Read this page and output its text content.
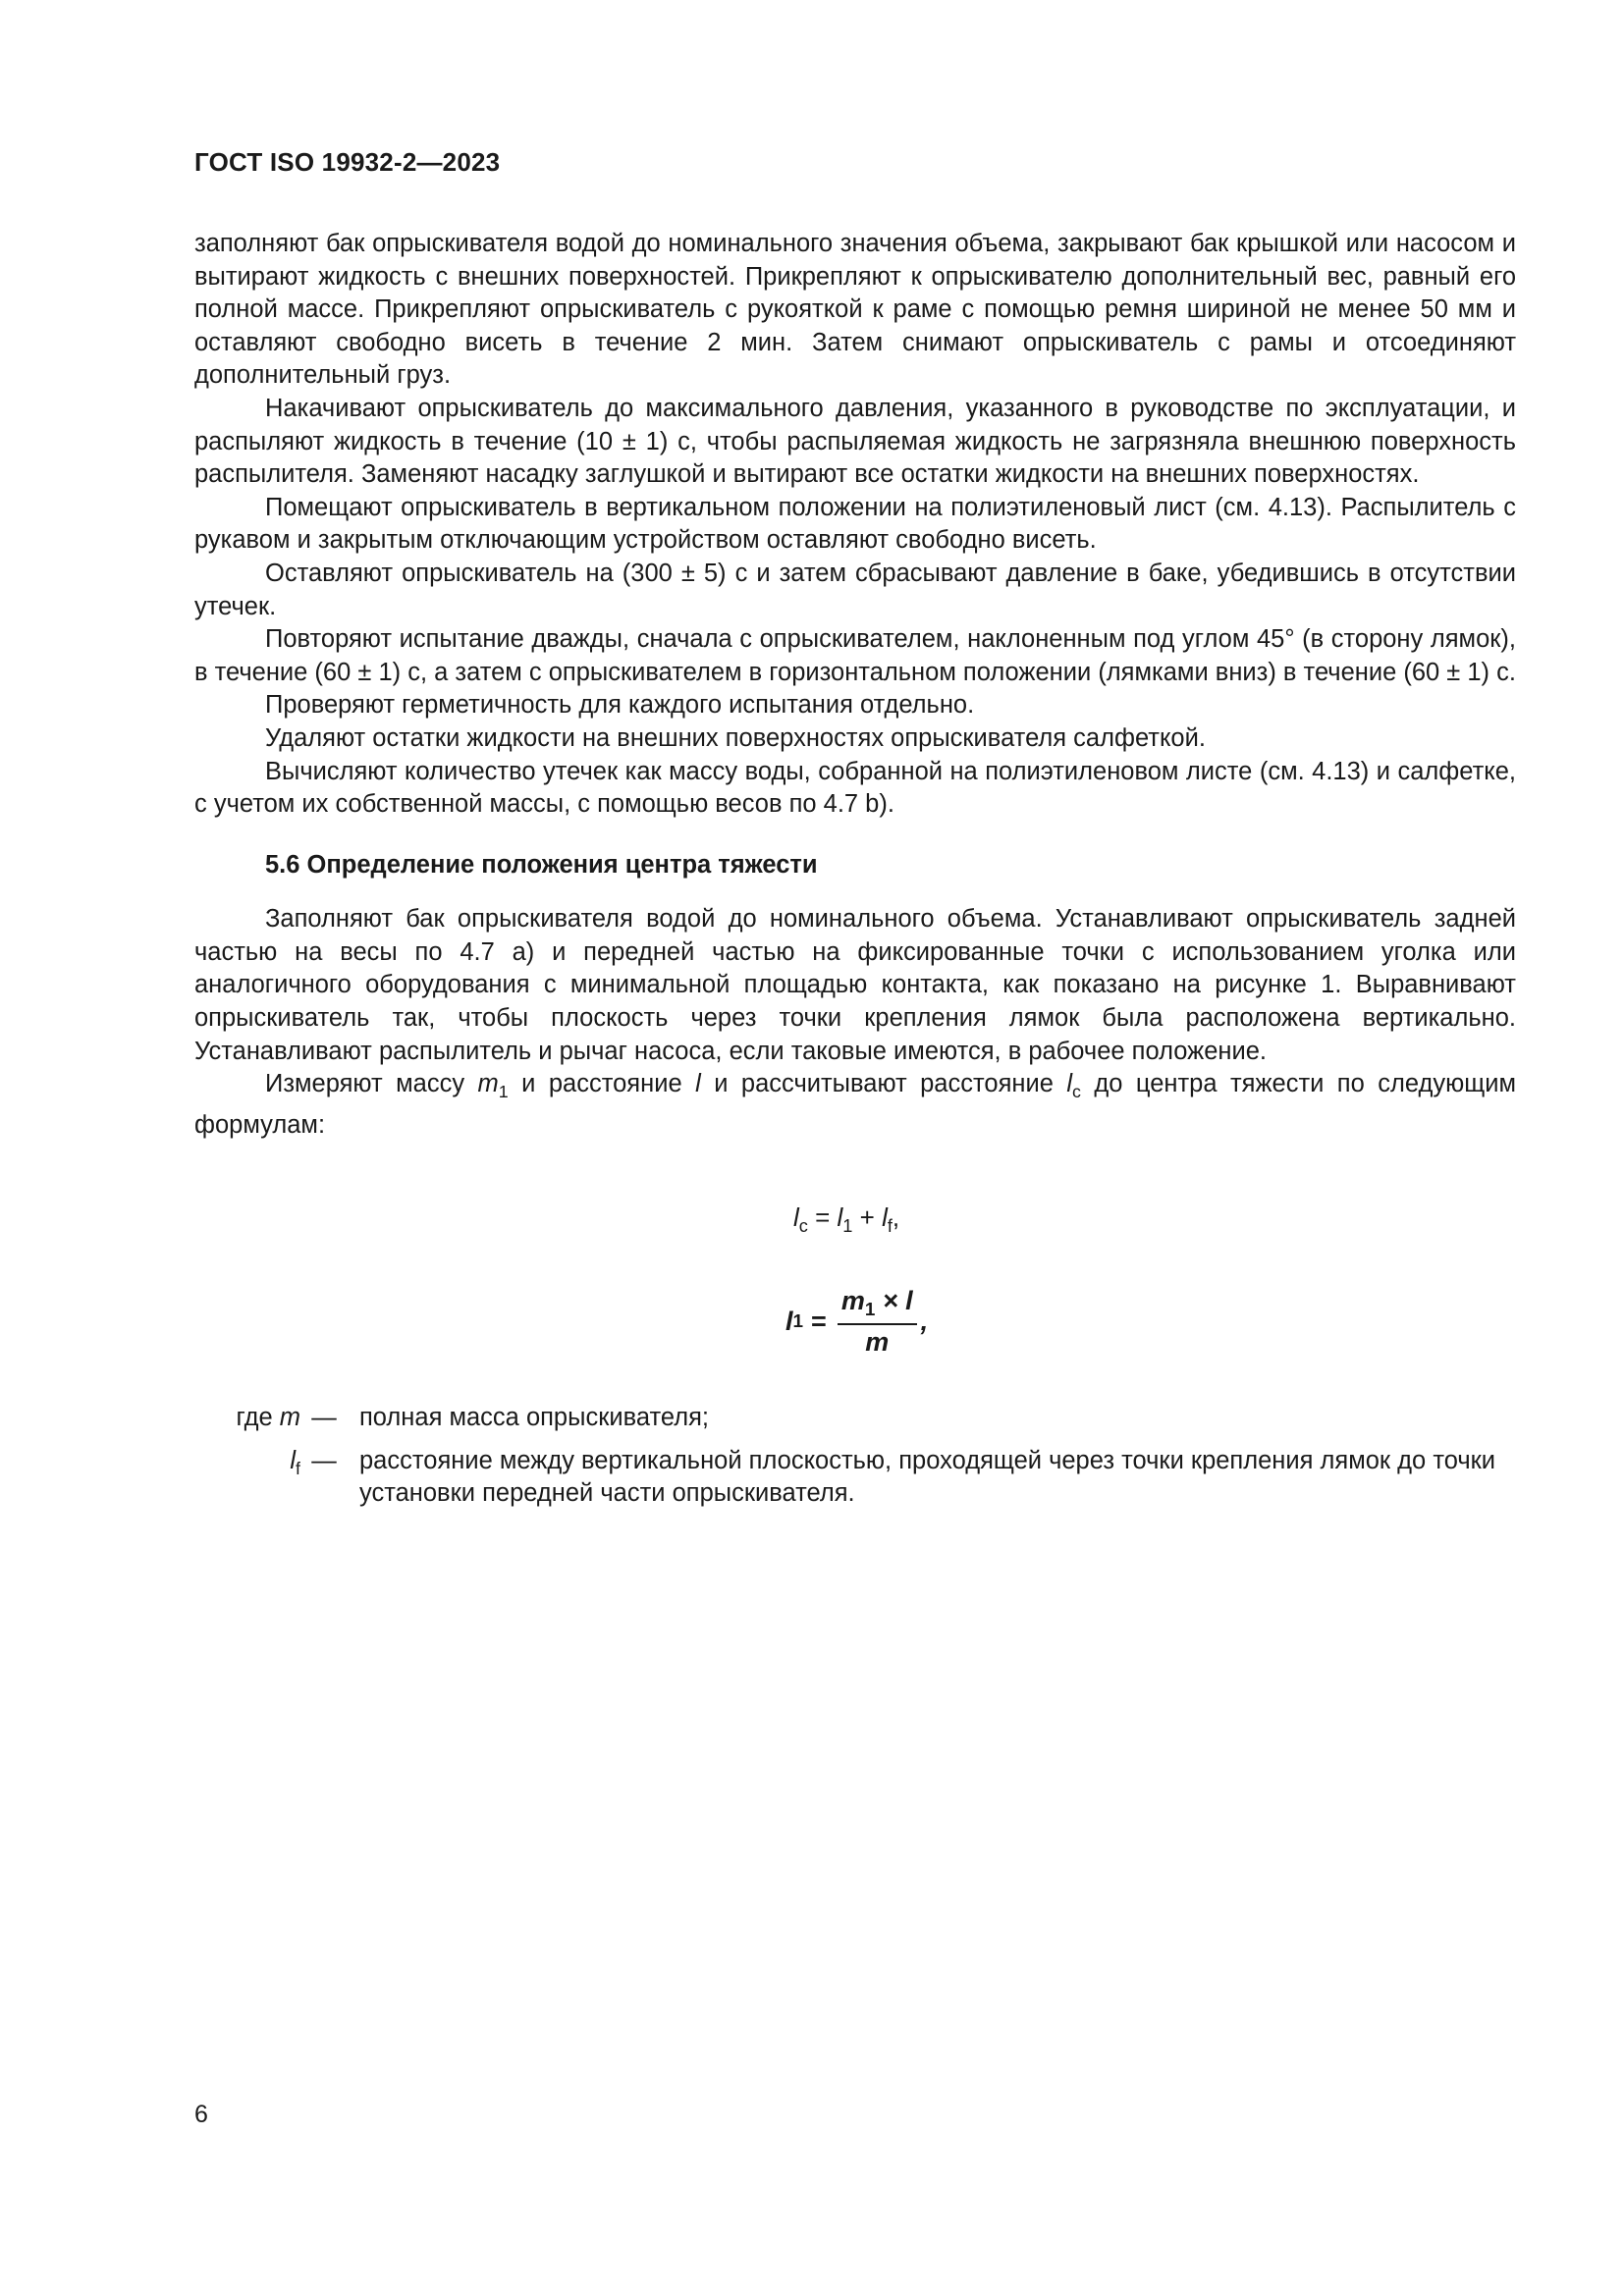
ГОСТ ISO 19932-2—2023

заполняют бак опрыскивателя водой до номинального значения объема, закрывают бак крышкой или насосом и вытирают жидкость с внешних поверхностей. Прикрепляют к опрыскивателю дополнительный вес, равный его полной массе. Прикрепляют опрыскиватель с рукояткой к раме с помощью ремня шириной не менее 50 мм и оставляют свободно висеть в течение 2 мин. Затем снимают опрыскиватель с рамы и отсоединяют дополнительный груз.

Накачивают опрыскиватель до максимального давления, указанного в руководстве по эксплуатации, и распыляют жидкость в течение (10 ± 1) с, чтобы распыляемая жидкость не загрязняла внешнюю поверхность распылителя. Заменяют насадку заглушкой и вытирают все остатки жидкости на внешних поверхностях.

Помещают опрыскиватель в вертикальном положении на полиэтиленовый лист (см. 4.13). Распылитель с рукавом и закрытым отключающим устройством оставляют свободно висеть.

Оставляют опрыскиватель на (300 ± 5) с и затем сбрасывают давление в баке, убедившись в отсутствии утечек.

Повторяют испытание дважды, сначала с опрыскивателем, наклоненным под углом 45° (в сторону лямок), в течение (60 ± 1) с, а затем с опрыскивателем в горизонтальном положении (лямками вниз) в течение (60 ± 1) с.

Проверяют герметичность для каждого испытания отдельно.

Удаляют остатки жидкости на внешних поверхностях опрыскивателя салфеткой.

Вычисляют количество утечек как массу воды, собранной на полиэтиленовом листе (см. 4.13) и салфетке, с учетом их собственной массы, с помощью весов по 4.7 b).

5.6 Определение положения центра тяжести

Заполняют бак опрыскивателя водой до номинального объема. Устанавливают опрыскиватель задней частью на весы по 4.7 а) и передней частью на фиксированные точки с использованием уголка или аналогичного оборудования с минимальной площадью контакта, как показано на рисунке 1. Выравнивают опрыскиватель так, чтобы плоскость через точки крепления лямок была расположена вертикально. Устанавливают распылитель и рычаг насоса, если таковые имеются, в рабочее положение.

Измеряют массу $m_1$ и расстояние l и рассчитывают расстояние $l_c$ до центра тяжести по следующим формулам:

$l_c = l_1 + l_f$,
l $1 = \frac{m_1 \times l}{m}$ ,
где m — полная масса опрыскивателя;
$l_f$ — расстояние между вертикальной плоскостью, проходящей через точки крепления лямок до точки установки передней части опрыскивателя.
6
